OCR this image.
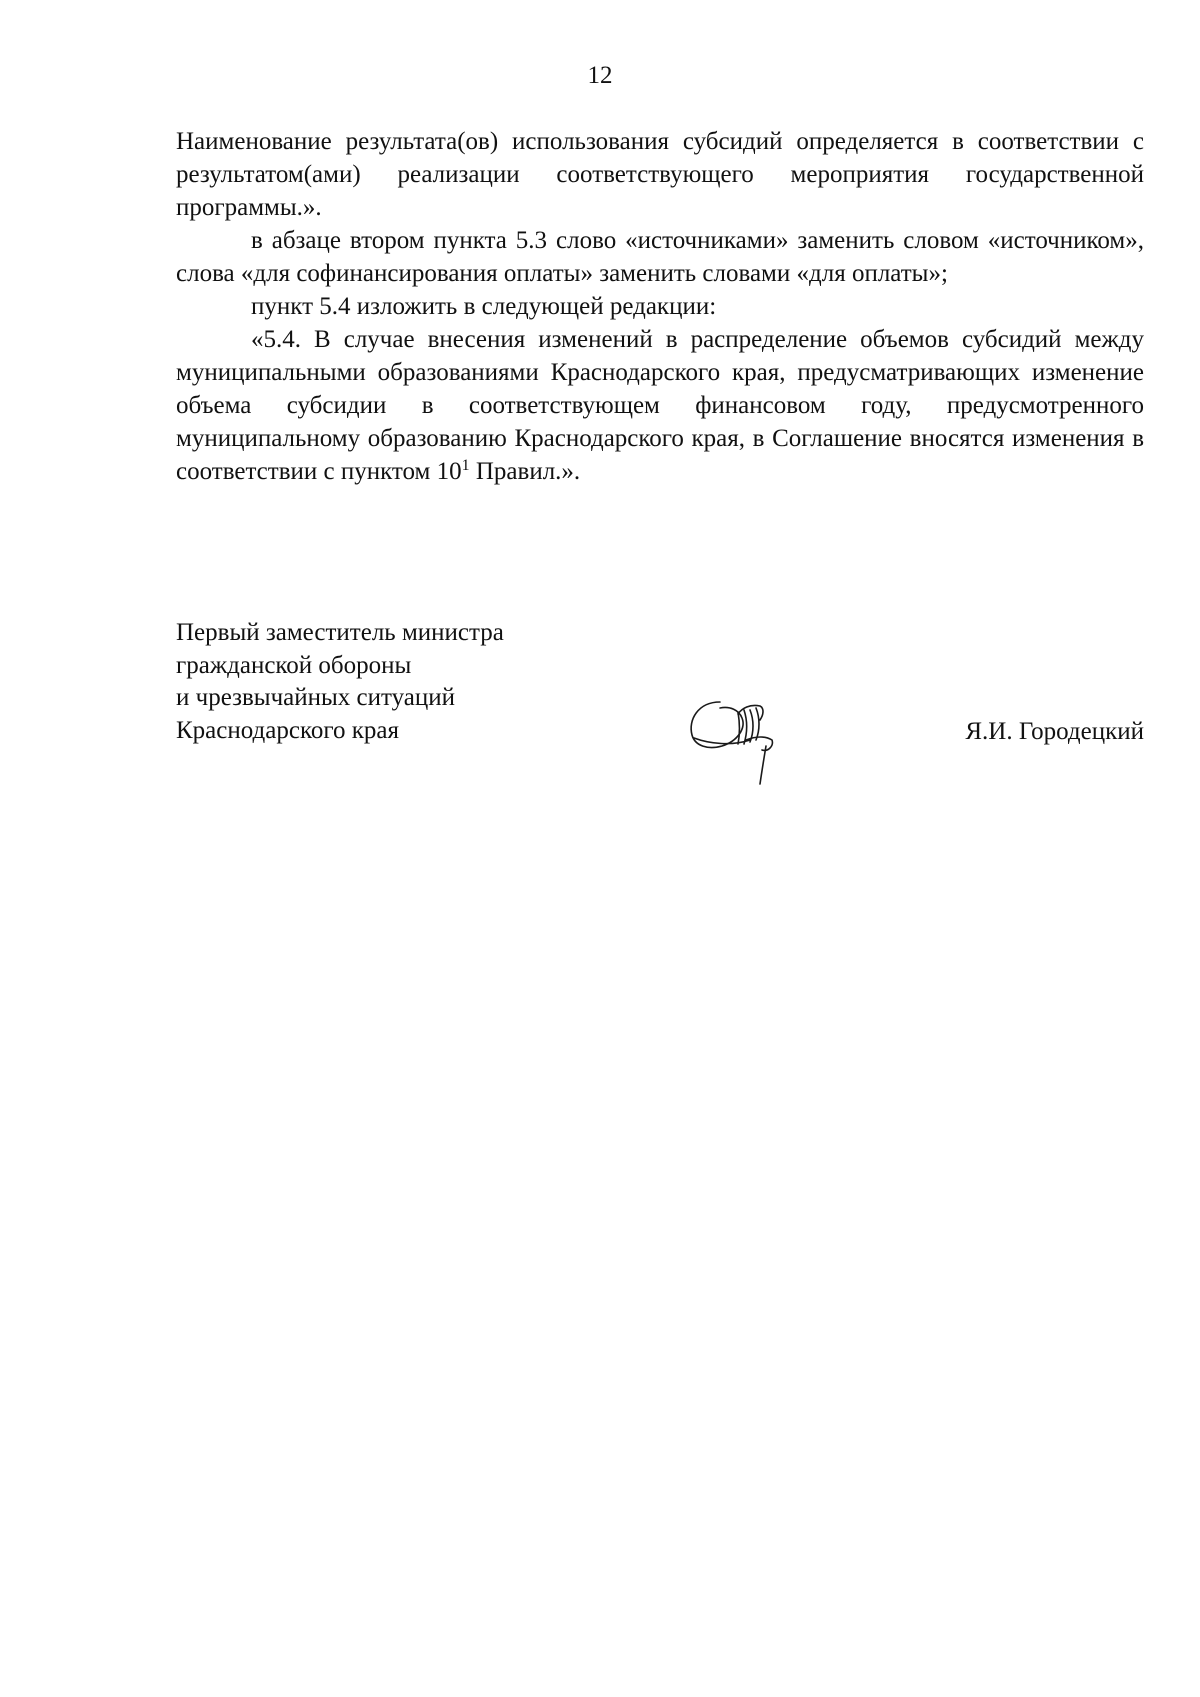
12

Наименование результата(ов) использования субсидий определяется в соответствии с результатом(ами) реализации соответствующего мероприятия государственной программы.».

в абзаце втором пункта 5.3 слово «источниками» заменить словом «источником», слова «для софинансирования оплаты» заменить словами «для оплаты»;

пункт 5.4 изложить в следующей редакции:

«5.4. В случае внесения изменений в распределение объемов субсидий между муниципальными образованиями Краснодарского края, предусматривающих изменение объема субсидии в соответствующем финансовом году, предусмотренного муниципальному образованию Краснодарского края, в Соглашение вносятся изменения в соответствии с пунктом $10^1$ Правил.».

Первый заместитель министра
гражданской обороны
и чрезвычайных ситуаций
Краснодарского края	Я.И. Городецкий
